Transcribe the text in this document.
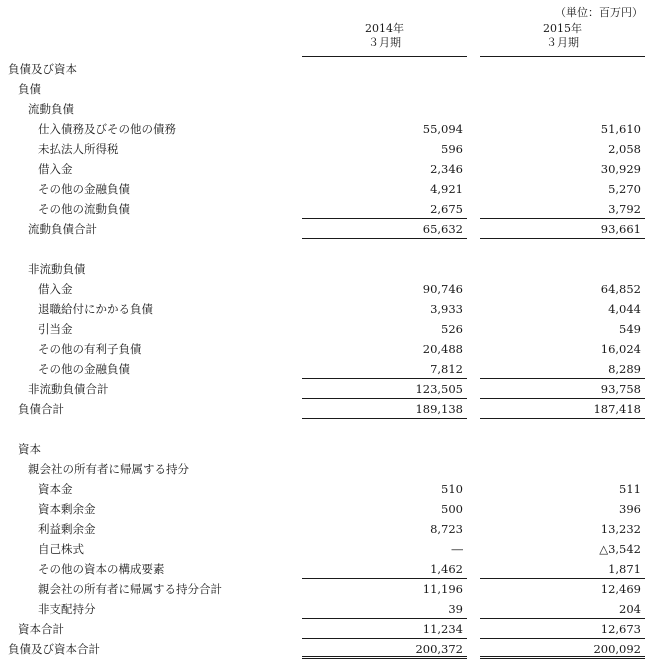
（単位：百万円）
2014年
３月期
2015年
３月期
負債及び資本
負債
流動負債
仕入債務及びその他の債務	55,094	51,610
未払法人所得税	596	2,058
借入金	2,346	30,929
その他の金融負債	4,921	5,270
その他の流動負債	2,675	3,792
流動負債合計	65,632	93,661
非流動負債
借入金	90,746	64,852
退職給付にかかる負債	3,933	4,044
引当金	526	549
その他の有利子負債	20,488	16,024
その他の金融負債	7,812	8,289
非流動負債合計	123,505	93,758
負債合計	189,138	187,418
資本
親会社の所有者に帰属する持分
資本金	510	511
資本剰余金	500	396
利益剰余金	8,723	13,232
自己株式	―	△3,542
その他の資本の構成要素	1,462	1,871
親会社の所有者に帰属する持分合計	11,196	12,469
非支配持分	39	204
資本合計	11,234	12,673
負債及び資本合計	200,372	200,092
